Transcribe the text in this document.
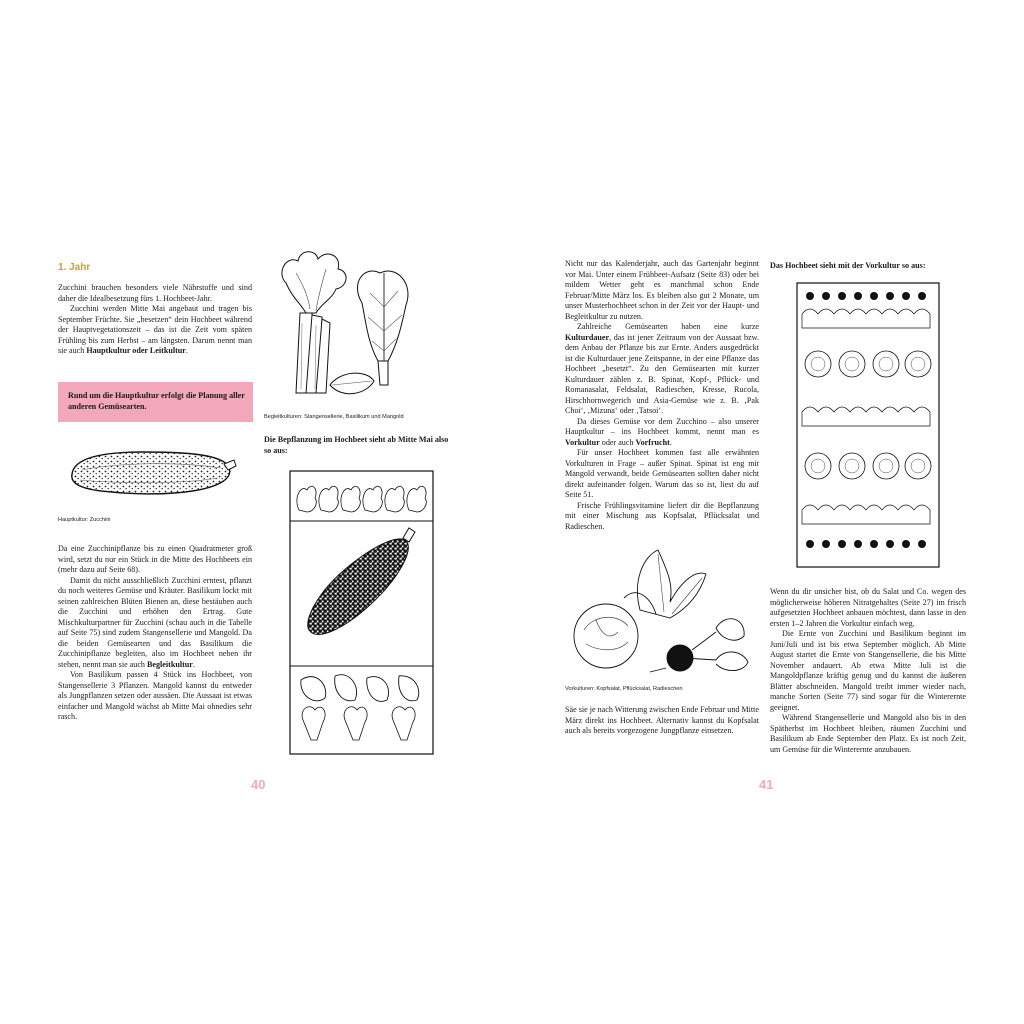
1. Jahr

Zucchini brauchen besonders viele Nährstoffe und sind daher die Idealbesetzung fürs 1. Hochbeet-Jahr.

Zucchini werden Mitte Mai angebaut und tragen bis September Früchte. Sie „besetzen“ dein Hochbeet während der Hauptvegetationszeit – das ist die Zeit vom späten Frühling bis zum Herbst – am längsten. Darum nennt man sie auch Hauptkultur oder Leitkultur.

Rund um die Hauptkultur erfolgt die Planung aller anderen Gemüsearten.
Hauptkultur: Zucchini

Da eine Zucchinipflanze bis zu einen Quadratmeter groß wird, setzt du nur ein Stück in die Mitte des Hochbeets ein (mehr dazu auf Seite 68).

Damit du nicht ausschließlich Zucchini erntest, pflanzt du noch weiteres Gemüse und Kräuter. Basilikum lockt mit seinen zahlreichen Blüten Bienen an, diese bestäuben auch die Zucchini und erhöhen den Ertrag. Gute Mischkulturpartner für Zucchini (schau auch in die Tabelle auf Seite 75) sind zudem Stangensellerie und Mangold. Da die beiden Gemüsearten und das Basilikum die Zucchinipflanze begleiten, also im Hochbeet neben ihr stehen, nennt man sie auch Begleitkultur.

Von Basilikum passen 4 Stück ins Hochbeet, von Stangensellerie 3 Pflanzen. Mangold kannst du entweder als Jungpflanzen setzen oder aussäen. Die Aussaat ist etwas einfacher und Mangold wächst ab Mitte Mai ohnedies sehr rasch.

Begleitkulturen: Stangensellerie, Basilikum und Mangold
Die Bepflanzung im Hochbeet sieht ab Mitte Mai also so aus:
40

Nicht nur das Kalenderjahr, auch das Gartenjahr beginnt vor Mai. Unter einem Frühbeet-Aufsatz (Seite 83) oder bei mildem Wetter geht es manchmal schon Ende Februar/Mitte März los. Es bleiben also gut 2 Monate, um unser Musterhochbeet schon in der Zeit vor der Haupt- und Begleitkultur zu nutzen.

Zahlreiche Gemüsearten haben eine kurze Kulturdauer, das ist jener Zeitraum von der Aussaat bzw. dem Anbau der Pflanze bis zur Ernte. Anders ausgedrückt ist die Kulturdauer jene Zeitspanne, in der eine Pflanze das Hochbeet „besetzt“. Zu den Gemüsearten mit kurzer Kulturdauer zählen z. B. Spinat, Kopf-, Pflück- und Romanasalat, Feldsalat, Radieschen, Kresse, Rucola, Hirschhornwegerich und Asia-Gemüse wie z. B. ‚Pak Choi‘, ‚Mizuna‘ oder ‚Tatsoi‘.

Da dieses Gemüse vor dem Zucchino – also unserer Hauptkultur – ins Hochbeet kommt, nennt man es Vorkultur oder auch Vorfrucht.

Für unser Hochbeet kommen fast alle erwähnten Vorkulturen in Frage – außer Spinat. Spinat ist eng mit Mangold verwandt, beide Gemüsearten sollten daher nicht direkt aufeinander folgen. Warum das so ist, liest du auf Seite 51.

Frische Frühlingsvitamine liefert dir die Bepflanzung mit einer Mischung aus Kopfsalat, Pflücksalat und Radieschen.

Vorkulturen: Kopfsalat, Pflücksalat, Radieschen

Säe sie je nach Witterung zwischen Ende Februar und Mitte März direkt ins Hochbeet. Alternativ kannst du Kopfsalat auch als bereits vorgezogene Jungpflanze einsetzen.

Das Hochbeet sieht mit der Vorkultur so aus:

Wenn du dir unsicher bist, ob du Salat und Co. wegen des möglicherweise höheren Nitratgehaltes (Seite 27) im frisch aufgesetzten Hochbeet anbauen möchtest, dann lasse in den ersten 1–2 Jahren die Vorkultur einfach weg.

Die Ernte von Zucchini und Basilikum beginnt im Juni/Juli und ist bis etwa September möglich. Ab Mitte August startet die Ernte von Stangensellerie, die bis Mitte November andauert. Ab etwa Mitte Juli ist die Mangoldpflanze kräftig genug und du kannst die äußeren Blätter abschneiden. Mangold treibt immer wieder nach, manche Sorten (Seite 77) sind sogar für die Winterernte geeignet.

Während Stangensellerie und Mangold also bis in den Spätherbst im Hochbeet bleiben, räumen Zucchini und Basilikum ab Ende September den Platz. Es ist noch Zeit, um Gemüse für die Winterernte anzubauen.

41
